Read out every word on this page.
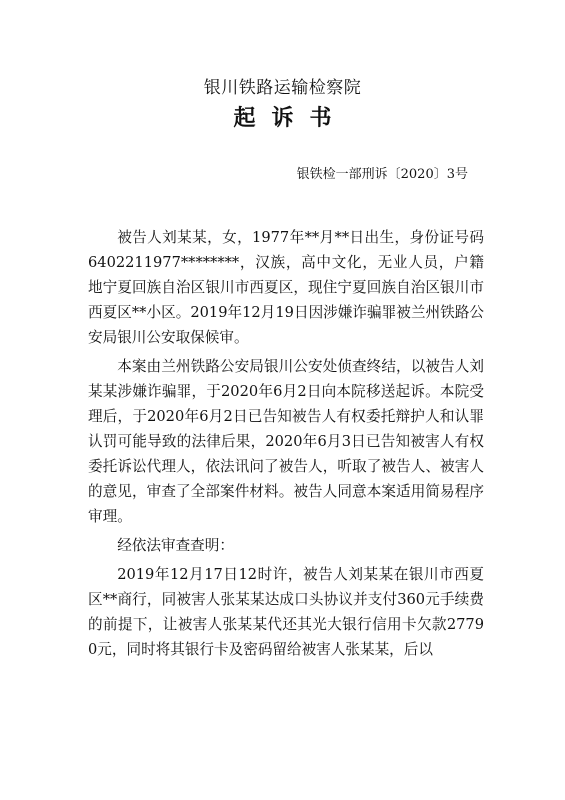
银川铁路运输检察院
起诉书
银铁检一部刑诉〔2020〕3号

被告人刘某某，女，1977年**月**日出生，身份证号码6402211977********，汉族，高中文化，无业人员，户籍地宁夏回族自治区银川市西夏区，现住宁夏回族自治区银川市西夏区**小区。2019年12月19日因涉嫌诈骗罪被兰州铁路公安局银川公安取保候审。

本案由兰州铁路公安局银川公安处侦查终结，以被告人刘某某涉嫌诈骗罪，于2020年6月2日向本院移送起诉。本院受理后，于2020年6月2日已告知被告人有权委托辩护人和认罪认罚可能导致的法律后果，2020年6月3日已告知被害人有权委托诉讼代理人，依法讯问了被告人，听取了被告人、被害人的意见，审查了全部案件材料。被告人同意本案适用简易程序审理。

经依法审查查明：

2019年12月17日12时许，被告人刘某某在银川市西夏区**商行，同被害人张某某达成口头协议并支付360元手续费的前提下，让被害人张某某代还其光大银行信用卡欠款27790元，同时将其银行卡及密码留给被害人张某某，后以
